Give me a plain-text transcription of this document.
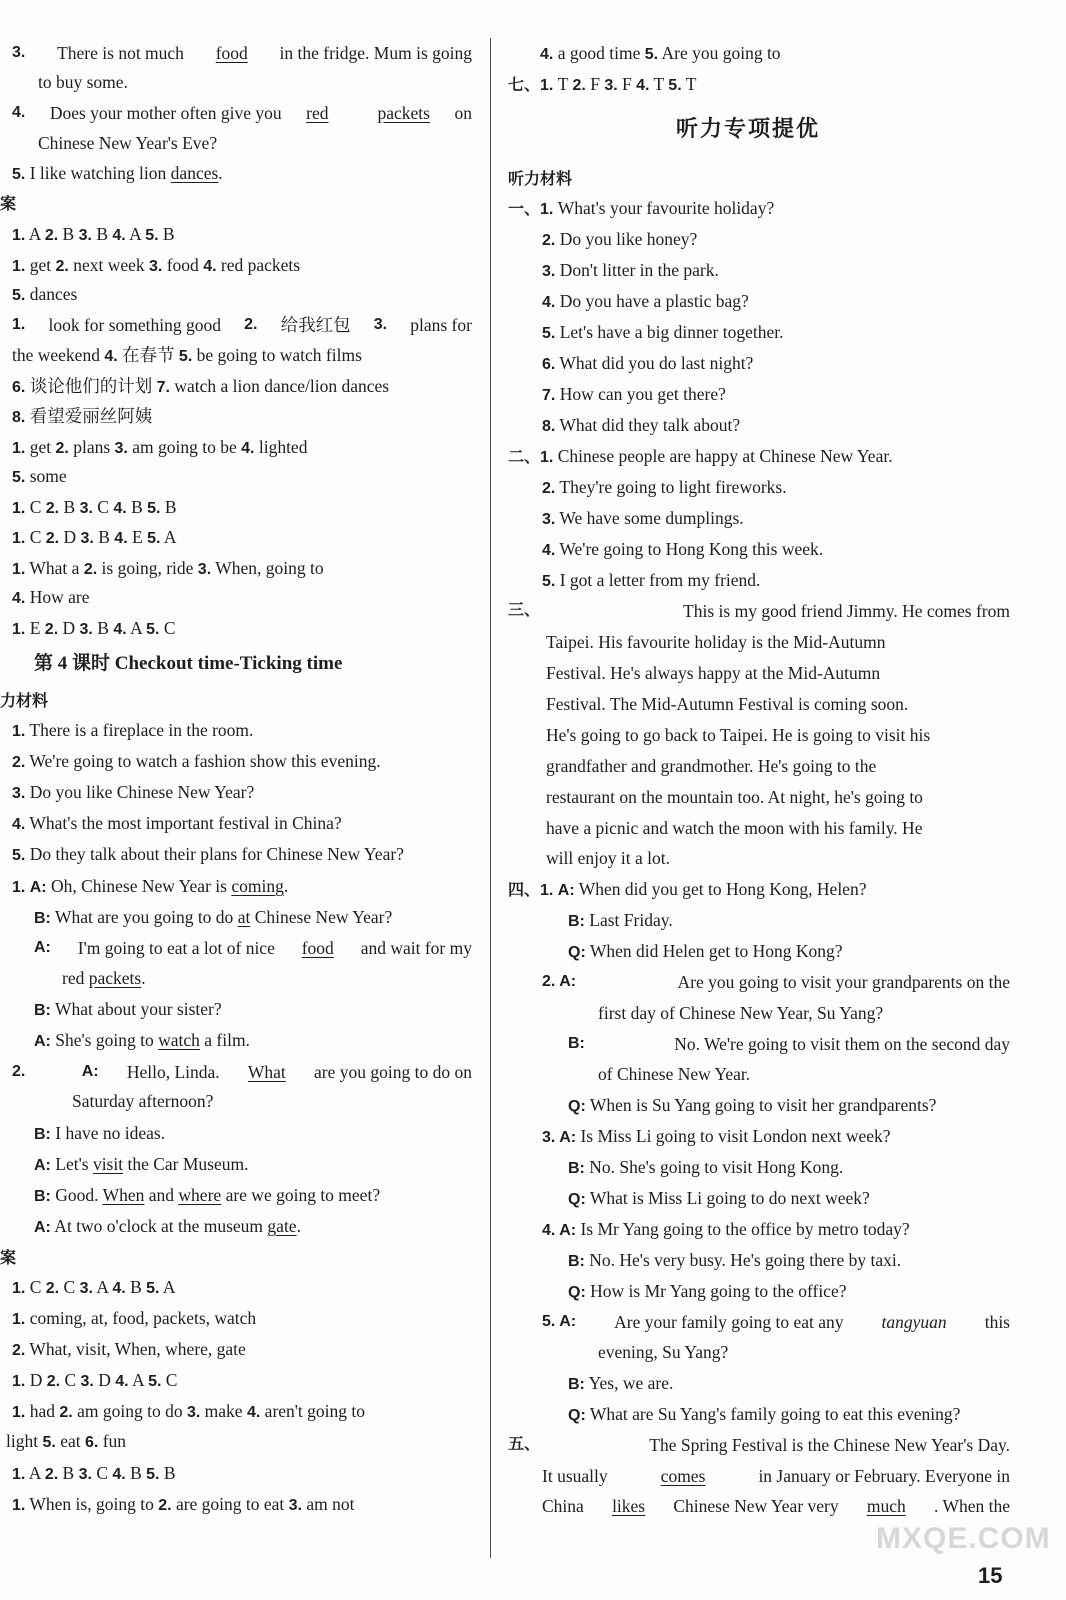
3. There is not much food in the fridge. Mum is going
to buy some.
4. Does your mother often give you red	packets on
Chinese New Year's Eve?
5. I like watching lion dances.
案
1. A 2. B 3. B 4. A 5. B
1. get 2. next week 3. food 4. red packets
5. dances
1. look for something good 2. 给我红包 3. plans for
the weekend 4. 在春节 5. be going to watch films
6. 谈论他们的计划 7. watch a lion dance/lion dances
8. 看望爱丽丝阿姨
1. get 2. plans 3. am going to be 4. lighted
5. some
1. C 2. B 3. C 4. B 5. B
1. C 2. D 3. B 4. E 5. A
1. What a 2. is going, ride 3. When, going to
4. How are
1. E 2. D 3. B 4. A 5. C
第 4 课时 Checkout time-Ticking time
力材料
1. There is a fireplace in the room.
2. We're going to watch a fashion show this evening.
3. Do you like Chinese New Year?
4. What's the most important festival in China?
5. Do they talk about their plans for Chinese New Year?
1. A: Oh, Chinese New Year is coming.
B: What are you going to do at Chinese New Year?
A: I'm going to eat a lot of nice food and wait for my
red packets.
B: What about your sister?
A: She's going to watch a film.
2.	A: Hello, Linda. What are you going to do on
Saturday afternoon?
B: I have no ideas.
A: Let's visit the Car Museum.
B: Good. When and where are we going to meet?
A: At two o'clock at the museum gate.
案
1. C 2. C 3. A 4. B 5. A
1. coming, at, food, packets, watch
2. What, visit, When, where, gate
1. D 2. C 3. D 4. A 5. C
1. had 2. am going to do 3. make 4. aren't going to
light 5. eat 6. fun
1. A 2. B 3. C 4. B 5. B
1. When is, going to 2. are going to eat 3. am not
4. a good time 5. Are you going to
七、1. T 2. F 3. F 4. T 5. T
听力专项提优
听力材料
一、1. What's your favourite holiday?
2. Do you like honey?
3. Don't litter in the park.
4. Do you have a plastic bag?
5. Let's have a big dinner together.
6. What did you do last night?
7. How can you get there?
8. What did they talk about?
二、1. Chinese people are happy at Chinese New Year.
2. They're going to light fireworks.
3. We have some dumplings.
4. We're going to Hong Kong this week.
5. I got a letter from my friend.
三、	This is my good friend Jimmy. He comes from
Taipei. His favourite holiday is the Mid-Autumn
Festival. He's always happy at the Mid-Autumn
Festival. The Mid-Autumn Festival is coming soon.
He's going to go back to Taipei. He is going to visit his
grandfather and grandmother. He's going to the
restaurant on the mountain too. At night, he's going to
have a picnic and watch the moon with his family. He
will enjoy it a lot.
四、1. A: When did you get to Hong Kong, Helen?
B: Last Friday.
Q: When did Helen get to Hong Kong?
2. A:	Are you going to visit your grandparents on the
first day of Chinese New Year, Su Yang?
B:	No. We're going to visit them on the second day
of Chinese New Year.
Q: When is Su Yang going to visit her grandparents?
3. A: Is Miss Li going to visit London next week?
B: No. She's going to visit Hong Kong.
Q: What is Miss Li going to do next week?
4. A: Is Mr Yang going to the office by metro today?
B: No. He's very busy. He's going there by taxi.
Q: How is Mr Yang going to the office?
5. A: Are your family going to eat any tangyuan this
evening, Su Yang?
B: Yes, we are.
Q: What are Su Yang's family going to eat this evening?
五、	The Spring Festival is the Chinese New Year's Day.
It usually	comes	in January or February. Everyone in
China likes Chinese New Year very much . When the
MXQE.COM
15
